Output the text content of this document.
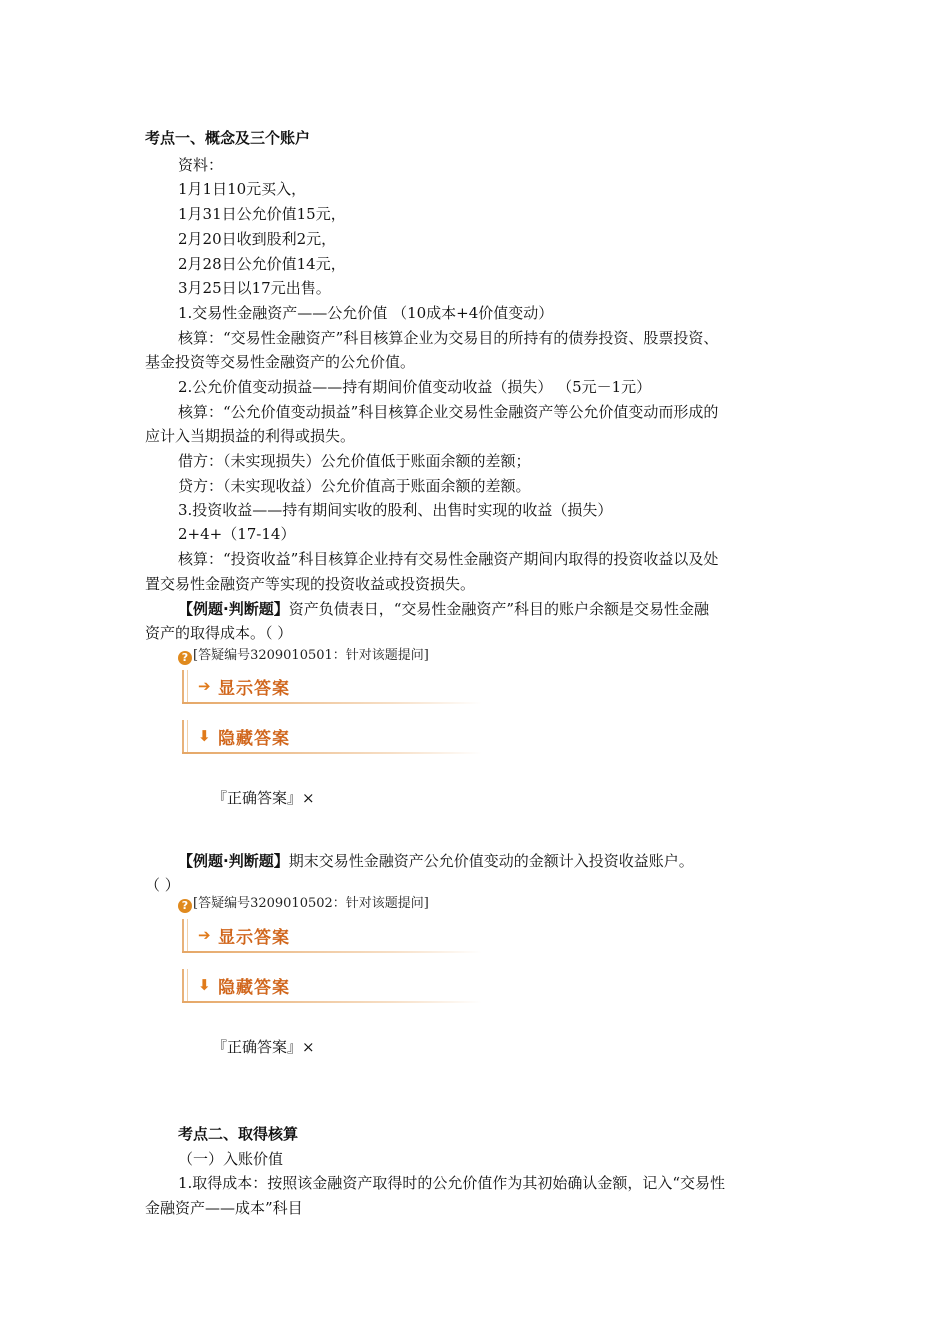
考点一、概念及三个账户
资料：
1月1日10元买入，
1月31日公允价值15元，
2月20日收到股利2元，
2月28日公允价值14元，
3月25日以17元出售。
1.交易性金融资产——公允价值 （10成本+4价值变动）
核算：“交易性金融资产”科目核算企业为交易目的所持有的债券投资、股票投资、
基金投资等交易性金融资产的公允价值。
2.公允价值变动损益——持有期间价值变动收益（损失） （5元－1元）
核算：“公允价值变动损益”科目核算企业交易性金融资产等公允价值变动而形成的
应计入当期损益的利得或损失。
借方：（未实现损失）公允价值低于账面余额的差额；
贷方：（未实现收益）公允价值高于账面余额的差额。
3.投资收益——持有期间实收的股利、出售时实现的收益（损失）
2+4+（17-14）
核算：“投资收益”科目核算企业持有交易性金融资产期间内取得的投资收益以及处
置交易性金融资产等实现的投资收益或投资损失。
【例题·判断题】资产负债表日，“交易性金融资产”科目的账户余额是交易性金融
资产的取得成本。（ ）
? [答疑编号3209010501：针对该题提问]
➔ 显示答案
⬇ 隐藏答案
『正确答案』×
【例题·判断题】期末交易性金融资产公允价值变动的金额计入投资收益账户。
（ ）
? [答疑编号3209010502：针对该题提问]
➔ 显示答案
⬇ 隐藏答案
『正确答案』×
考点二、取得核算
（一）入账价值
1.取得成本：按照该金融资产取得时的公允价值作为其初始确认金额，记入“交易性
金融资产——成本”科目
